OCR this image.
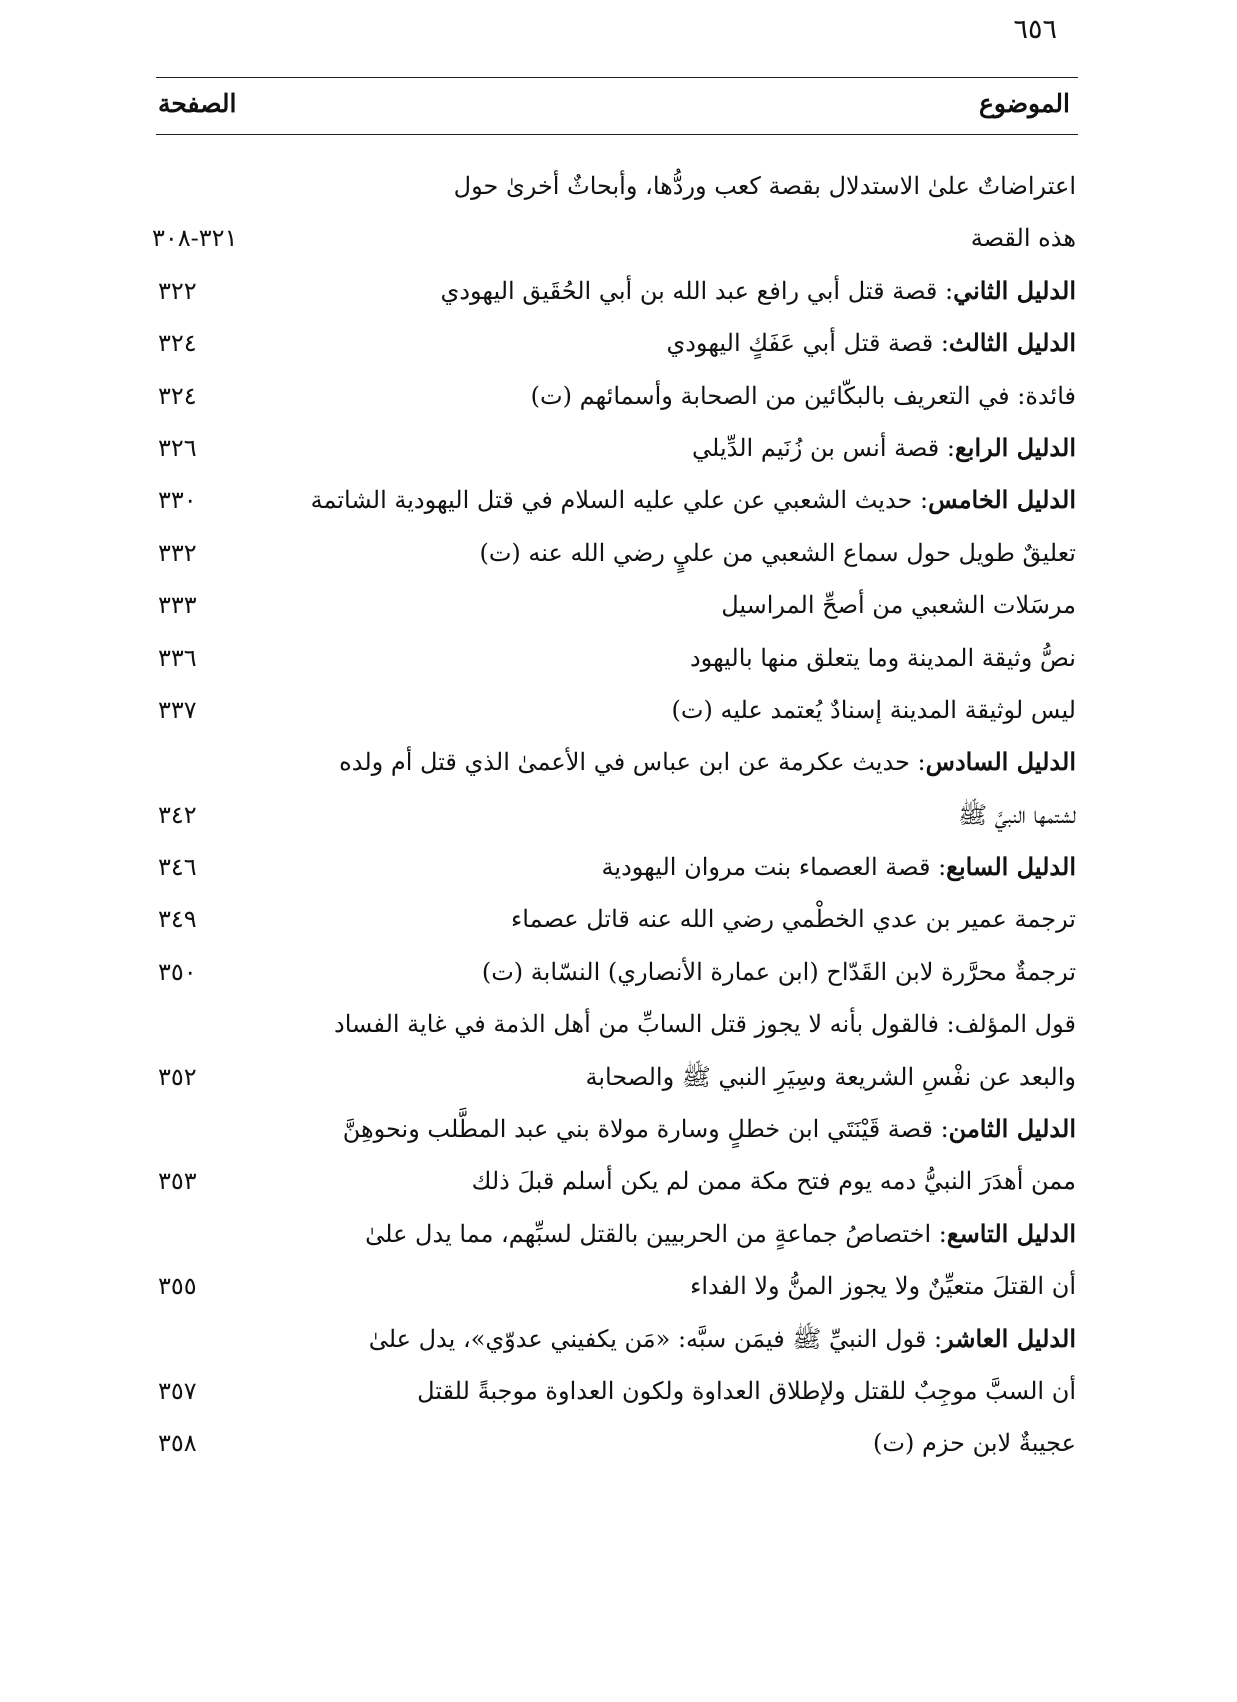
٦٥٦
الموضوع
الصفحة
اعتراضاتٌ علىٰ الاستدلال بقصة كعب وردُّها، وأبحاثٌ أخرىٰ حول
هذه القصة
٣٢١-٣٠٨
الدليل الثاني: قصة قتل أبي رافع عبد الله بن أبي الحُقَيق اليهودي
٣٢٢
الدليل الثالث: قصة قتل أبي عَفَكٍ اليهودي
٣٢٤
فائدة: في التعريف بالبكّائين من الصحابة وأسمائهم (ت)
٣٢٤
الدليل الرابع: قصة أنس بن زُنَيم الدِّيلي
٣٢٦
الدليل الخامس: حديث الشعبي عن علي عليه السلام في قتل اليهودية الشاتمة
٣٣٠
تعليقٌ طويل حول سماع الشعبي من عليٍ رضي الله عنه (ت)
٣٣٢
مرسَلات الشعبي من أصحِّ المراسيل
٣٣٣
نصُّ وثيقة المدينة وما يتعلق منها باليهود
٣٣٦
ليس لوثيقة المدينة إسنادٌ يُعتمد عليه (ت)
٣٣٧
الدليل السادس: حديث عكرمة عن ابن عباس في الأعمىٰ الذي قتل أم ولده
لشتمها النبيَّ ﷺ
٣٤٢
الدليل السابع: قصة العصماء بنت مروان اليهودية
٣٤٦
ترجمة عمير بن عدي الخطْمي رضي الله عنه قاتل عصماء
٣٤٩
ترجمةٌ محرَّرة لابن القَدّاح (ابن عمارة الأنصاري) النسّابة (ت)
٣٥٠
قول المؤلف: فالقول بأنه لا يجوز قتل السابِّ من أهل الذمة في غاية الفساد
والبعد عن نفْسِ الشريعة وسِيَرِ النبي ﷺ والصحابة
٣٥٢
الدليل الثامن: قصة قَيْنَتَي ابن خطلٍ وسارة مولاة بني عبد المطَّلب ونحوهِنَّ
ممن أهدَرَ النبيُّ دمه يوم فتح مكة ممن لم يكن أسلم قبلَ ذلك
٣٥٣
الدليل التاسع: اختصاصُ جماعةٍ من الحربيين بالقتل لسبِّهم، مما يدل علىٰ
أن القتلَ متعيِّنٌ ولا يجوز المنُّ ولا الفداء
٣٥٥
الدليل العاشر: قول النبيِّ ﷺ فيمَن سبَّه: «مَن يكفيني عدوّي»، يدل علىٰ
أن السبَّ موجِبٌ للقتل ولإطلاق العداوة ولكون العداوة موجبةً للقتل
٣٥٧
عجيبةٌ لابن حزم (ت)
٣٥٨
